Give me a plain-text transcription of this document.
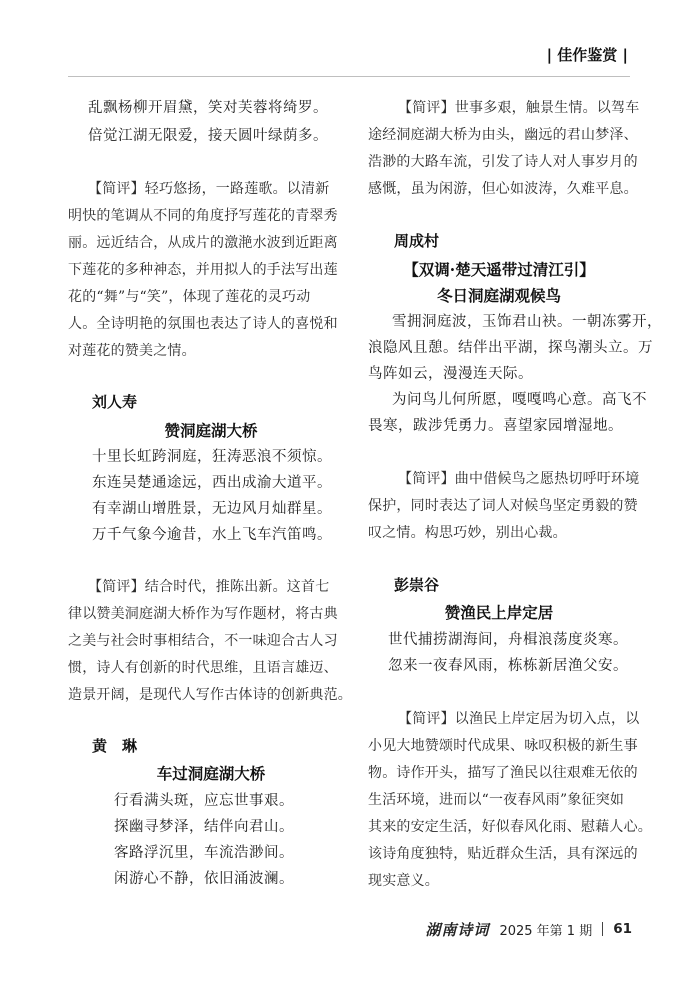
| 佳作鉴赏 |
乱飘杨柳开眉黛，笑对芙蓉将绮罗。
倍觉江湖无限爱，接天圆叶绿荫多。
【简评】轻巧悠扬，一路莲歌。以清新
明快的笔调从不同的角度抒写莲花的青翠秀
丽。远近结合，从成片的激滟水波到近距离
下莲花的多种神态，并用拟人的手法写出莲
花的“舞”与“笑”，体现了莲花的灵巧动
人。全诗明艳的氛围也表达了诗人的喜悦和
对莲花的赞美之情。
刘人寿
赞洞庭湖大桥
十里长虹跨洞庭，狂涛恶浪不须惊。
东连吴楚通途远，西出成渝大道平。
有幸湖山增胜景，无边风月灿群星。
万千气象今逾昔，水上飞车汽笛鸣。
【简评】结合时代，推陈出新。这首七
律以赞美洞庭湖大桥作为写作题材，将古典
之美与社会时事相结合，不一味迎合古人习
惯，诗人有创新的时代思维，且语言雄迈、
造景开阔，是现代人写作古体诗的创新典范。
黄　琳
车过洞庭湖大桥
行看满头斑，应忘世事艰。
探幽寻梦泽，结伴向君山。
客路浮沉里，车流浩渺间。
闲游心不静，依旧涌波澜。
【简评】世事多艰，触景生情。以驾车
途经洞庭湖大桥为由头，幽远的君山梦泽、
浩渺的大路车流，引发了诗人对人事岁月的
感慨，虽为闲游，但心如波涛，久难平息。
周成村
【双调·楚天遥带过清江引】
冬日洞庭湖观候鸟
雪拥洞庭波，玉饰君山袂。一朝冻雾开，
浪隐风且憩。结伴出平湖，探鸟潮头立。万
鸟阵如云，漫漫连天际。
为问鸟儿何所愿，嘎嘎鸣心意。高飞不
畏寒，跋涉凭勇力。喜望家园增湿地。
【简评】曲中借候鸟之愿热切呼吁环境
保护，同时表达了词人对候鸟坚定勇毅的赞
叹之情。构思巧妙，别出心裁。
彭崇谷
赞渔民上岸定居
世代捕捞湖海间，舟楫浪荡度炎寒。
忽来一夜春风雨，栋栋新居渔父安。
【简评】以渔民上岸定居为切入点，以
小见大地赞颂时代成果、咏叹积极的新生事
物。诗作开头，描写了渔民以往艰难无依的
生活环境，进而以“一夜春风雨”象征突如
其来的安定生活，好似春风化雨、慰藉人心。
该诗角度独特，贴近群众生活，具有深远的
现实意义。
湖南诗词 2025 年第 1 期 61
